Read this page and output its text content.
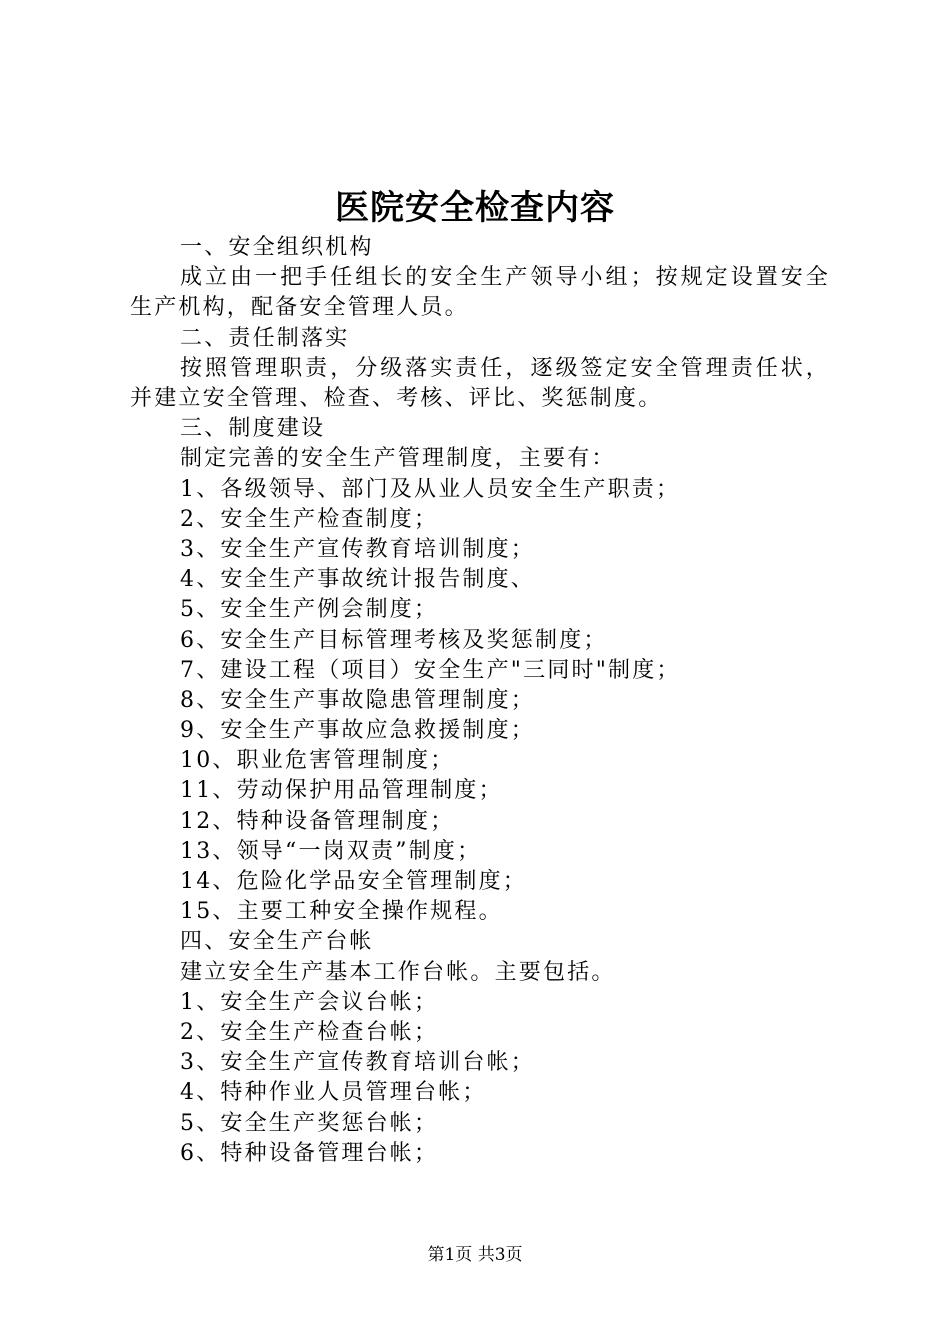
医院安全检查内容

一、安全组织机构

成立由一把手任组长的安全生产领导小组；按规定设置安全生产机构，配备安全管理人员。

二、责任制落实

按照管理职责，分级落实责任，逐级签定安全管理责任状，并建立安全管理、检查、考核、评比、奖惩制度。

三、制度建设

制定完善的安全生产管理制度，主要有：

1、各级领导、部门及从业人员安全生产职责；

2、安全生产检查制度；

3、安全生产宣传教育培训制度；

4、安全生产事故统计报告制度、

5、安全生产例会制度；

6、安全生产目标管理考核及奖惩制度；

7、建设工程（项目）安全生产"三同时"制度；

8、安全生产事故隐患管理制度；

9、安全生产事故应急救援制度；

10、职业危害管理制度；

11、劳动保护用品管理制度；

12、特种设备管理制度；

13、领导“一岗双责”制度；

14、危险化学品安全管理制度；

15、主要工种安全操作规程。

四、安全生产台帐

建立安全生产基本工作台帐。主要包括。

1、安全生产会议台帐；

2、安全生产检查台帐；

3、安全生产宣传教育培训台帐；

4、特种作业人员管理台帐；

5、安全生产奖惩台帐；

6、特种设备管理台帐；

第1页 共3页
